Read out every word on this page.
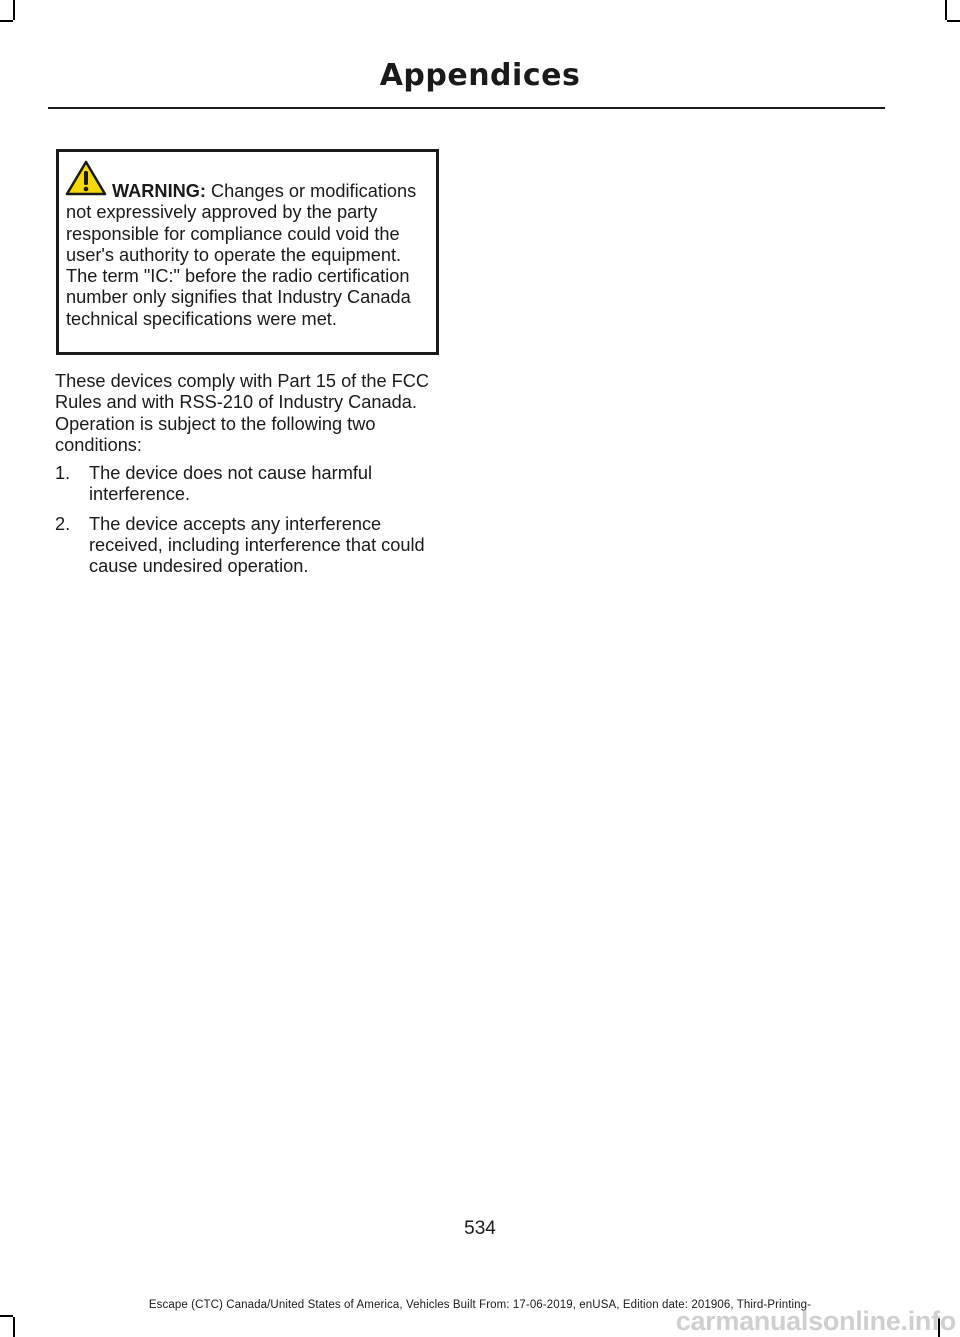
Appendices
WARNING: Changes or modifications not expressively approved by the party responsible for compliance could void the user's authority to operate the equipment. The term "IC:" before the radio certification number only signifies that Industry Canada technical specifications were met.

These devices comply with Part 15 of the FCC Rules and with RSS-210 of Industry Canada. Operation is subject to the following two conditions:

1.	The device does not cause harmful interference.
2.	The device accepts any interference received, including interference that could cause undesired operation.
534
Escape (CTC) Canada/United States of America, Vehicles Built From: 17-06-2019, enUSA, Edition date: 201906, Third-Printing-
carmanualsonline.info
